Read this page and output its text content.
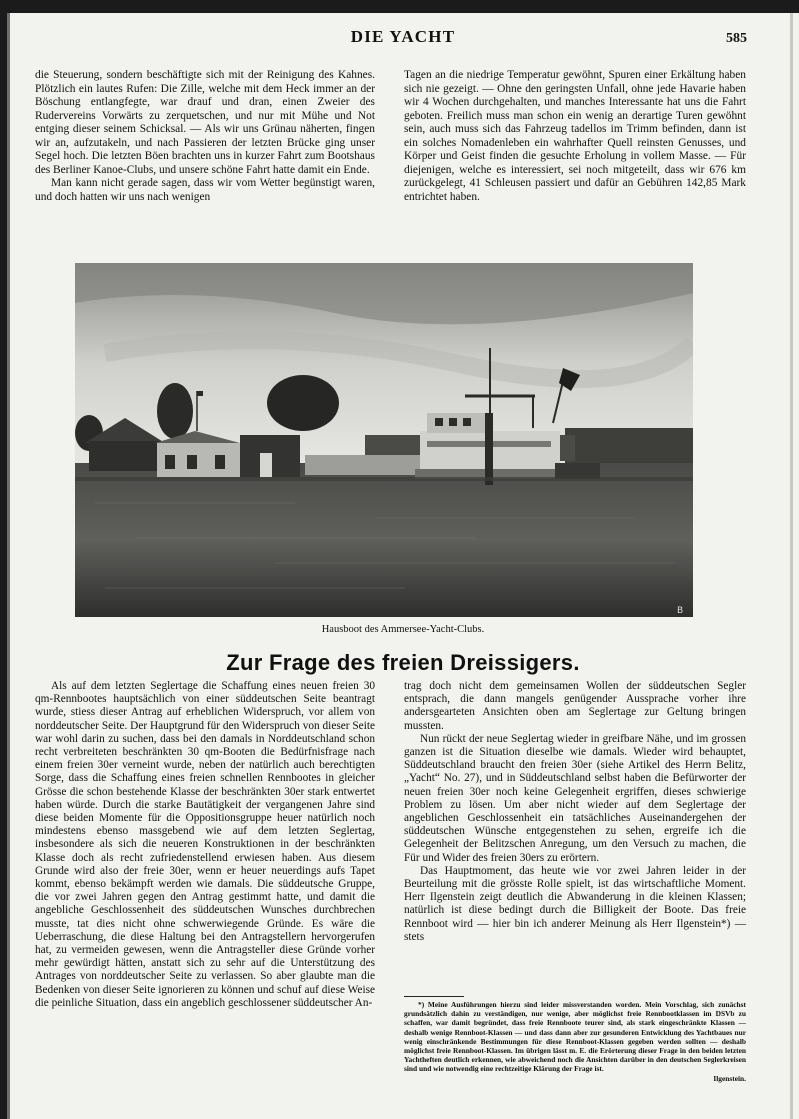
DIE YACHT	585

die Steuerung, sondern beschäftigte sich mit der Reinigung des Kahnes. Plötzlich ein lautes Rufen: Die Zille, welche mit dem Heck immer an der Böschung entlangfegte, war drauf und dran, einen Zweier des Rudervereins Vorwärts zu zerquetschen, und nur mit Mühe und Not entging dieser seinem Schicksal. — Als wir uns Grünau näherten, fingen wir an, aufzutakeln, und nach Passieren der letzten Brücke ging unser Segel hoch. Die letzten Böen brachten uns in kurzer Fahrt zum Bootshaus des Berliner Kanoe-Clubs, und unsere schöne Fahrt hatte damit ein Ende.

Man kann nicht gerade sagen, dass wir vom Wetter begünstigt waren, und doch hatten wir uns nach wenigen

Tagen an die niedrige Temperatur gewöhnt, Spuren einer Erkältung haben sich nie gezeigt. — Ohne den geringsten Unfall, ohne jede Havarie haben wir 4 Wochen durchgehalten, und manches Interessante hat uns die Fahrt geboten. Freilich muss man schon ein wenig an derartige Turen gewöhnt sein, auch muss sich das Fahrzeug tadellos im Trimm befinden, dann ist ein solches Nomadenleben ein wahrhafter Quell reinsten Genusses, und Körper und Geist finden die gesuchte Erholung in vollem Masse. — Für diejenigen, welche es interessiert, sei noch mitgeteilt, dass wir 676 km zurückgelegt, 41 Schleusen passiert und dafür an Gebühren 142,85 Mark entrichtet haben.

B
Hausboot des Ammersee-Yacht-Clubs.
Zur Frage des freien Dreissigers.

Als auf dem letzten Seglertage die Schaffung eines neuen freien 30 qm-Rennbootes hauptsächlich von einer süddeutschen Seite beantragt wurde, stiess dieser Antrag auf erheblichen Widerspruch, vor allem von norddeutscher Seite. Der Hauptgrund für den Widerspruch von dieser Seite war wohl darin zu suchen, dass bei den damals in Norddeutschland schon recht verbreiteten beschränkten 30 qm-Booten die Bedürfnisfrage nach einem freien 30er verneint wurde, neben der natürlich auch berechtigten Sorge, dass die Schaffung eines freien schnellen Rennbootes in gleicher Grösse die schon bestehende Klasse der beschränkten 30er stark entwertet haben würde. Durch die starke Bautätigkeit der vergangenen Jahre sind diese beiden Momente für die Oppositionsgruppe heuer natürlich noch mindestens ebenso massgebend wie auf dem letzten Seglertag, insbesondere als sich die neueren Konstruktionen in der beschränkten Klasse doch als recht zufriedenstellend erwiesen haben. Aus diesem Grunde wird also der freie 30er, wenn er heuer neuerdings aufs Tapet kommt, ebenso bekämpft werden wie damals. Die süddeutsche Gruppe, die vor zwei Jahren gegen den Antrag gestimmt hatte, und damit die angebliche Geschlossenheit des süddeutschen Wunsches durchbrechen musste, tat dies nicht ohne schwerwiegende Gründe. Es wäre die Ueberraschung, die diese Haltung bei den Antragstellern hervorgerufen hat, zu vermeiden gewesen, wenn die Antragsteller diese Gründe vorher mehr gewürdigt hätten, anstatt sich zu sehr auf die Unterstützung des Antrages von norddeutscher Seite zu verlassen. So aber glaubte man die Bedenken von dieser Seite ignorieren zu können und schuf auf diese Weise die peinliche Situation, dass ein angeblich geschlossener süddeutscher An-

trag doch nicht dem gemeinsamen Wollen der süddeutschen Segler entsprach, die dann mangels genügender Aussprache vorher ihre andersgearteten Ansichten oben am Seglertage zur Geltung bringen mussten.

Nun rückt der neue Seglertag wieder in greifbare Nähe, und im grossen ganzen ist die Situation dieselbe wie damals. Wieder wird behauptet, Süddeutschland braucht den freien 30er (siehe Artikel des Herrn Belitz, „Yacht“ No. 27), und in Süddeutschland selbst haben die Befürworter der neuen freien 30er noch keine Gelegenheit ergriffen, dieses schwierige Problem zu lösen. Um aber nicht wieder auf dem Seglertage der angeblichen Geschlossenheit ein tatsächliches Auseinandergehen der süddeutschen Wünsche entgegenstehen zu sehen, ergreife ich die Gelegenheit der Belitzschen Anregung, um den Versuch zu machen, die Für und Wider des freien 30ers zu erörtern.

Das Hauptmoment, das heute wie vor zwei Jahren leider in der Beurteilung mit die grösste Rolle spielt, ist das wirtschaftliche Moment. Herr Ilgenstein zeigt deutlich die Abwanderung in die kleinen Klassen; natürlich ist diese bedingt durch die Billigkeit der Boote. Das freie Rennboot wird — hier bin ich anderer Meinung als Herr Ilgenstein*) — stets

*) Meine Ausführungen hierzu sind leider missverstanden worden. Mein Vorschlag, sich zunächst grundsätzlich dahin zu verständigen, nur wenige, aber möglichst freie Rennbootklassen im DSVb zu schaffen, war damit begründet, dass freie Rennboote teurer sind, als stark eingeschränkte Klassen — deshalb wenige Rennboot-Klassen — und dass dann aber zur gesunderen Entwicklung des Yachtbaues nur wenig einschränkende Bestimmungen für diese Rennboot-Klassen gegeben werden sollten — deshalb möglichst freie Rennboot-Klassen. Im übrigen lässt m. E. die Erörterung dieser Frage in den beiden letzten Yachtheften deutlich erkennen, wie abweichend noch die Ansichten darüber in den deutschen Seglerkreisen sind und wie notwendig eine rechtzeitige Klärung der Frage ist.

Ilgenstein.
